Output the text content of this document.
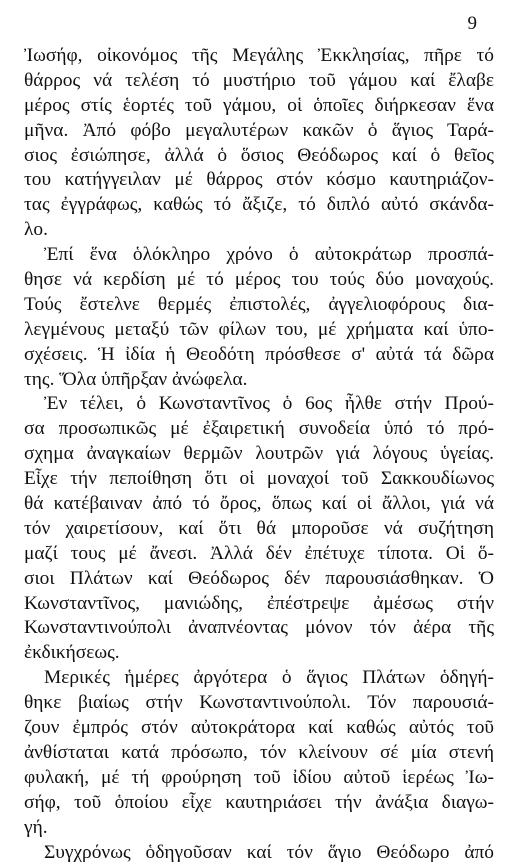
9
Ἰωσήφ, οἰκονόμος τῆς Μεγάλης Ἐκκλησίας, πῆρε τό
θάρρος νά τελέση τό μυστήριο τοῦ γάμου καί ἔλαβε
μέρος στίς ἑορτές τοῦ γάμου, οἱ ὁποῖες διήρκεσαν ἕνα
μῆνα. Ἀπό φόβο μεγαλυτέρων κακῶν ὁ ἅγιος Ταρά-
σιος ἐσιώπησε, ἀλλά ὁ ὅσιος Θεόδωρος καί ὁ θεῖος
του κατήγγειλαν μέ θάρρος στόν κόσμο καυτηριάζον-
τας ἐγγράφως, καθώς τό ἄξιζε, τό διπλό αὐτό σκάνδα-
λο.
Ἐπί ἕνα ὁλόκληρο χρόνο ὁ αὐτοκράτωρ προσπά-
θησε νά κερδίση μέ τό μέρος του τούς δύο μοναχούς.
Τούς ἔστελνε θερμές ἐπιστολές, ἀγγελιοφόρους δια-
λεγμένους μεταξύ τῶν φίλων του, μέ χρήματα καί ὑπο-
σχέσεις. Ἡ ἰδία ἡ Θεοδότη πρόσθεσε σ' αὐτά τά δῶρα
της. Ὅλα ὑπῆρξαν ἀνώφελα.
Ἐν τέλει, ὁ Κωνσταντῖνος ὁ 6ος ἦλθε στήν Πρού-
σα προσωπικῶς μέ ἐξαιρετική συνοδεία ὑπό τό πρό-
σχημα ἀναγκαίων θερμῶν λουτρῶν γιά λόγους ὑγείας.
Εἶχε τήν πεποίθηση ὅτι οἱ μοναχοί τοῦ Σακκουδίωνος
θά κατέβαιναν ἀπό τό ὄρος, ὅπως καί οἱ ἄλλοι, γιά νά
τόν χαιρετίσουν, καί ὅτι θά μποροῦσε νά συζήτηση
μαζί τους μέ ἄνεσι. Ἀλλά δέν ἐπέτυχε τίποτα. Οἱ ὅ-
σιοι Πλάτων καί Θεόδωρος δέν παρουσιάσθηκαν. Ὁ
Κωνσταντῖνος, μανιώδης, ἐπέστρεψε ἀμέσως στήν
Κωνσταντινούπολι ἀναπνέοντας μόνον τόν ἀέρα τῆς
ἐκδικήσεως.
Μερικές ἡμέρες ἀργότερα ὁ ἅγιος Πλάτων ὁδηγή-
θηκε βιαίως στήν Κωνσταντινούπολι. Τόν παρουσιά-
ζουν ἐμπρός στόν αὐτοκράτορα καί καθώς αὐτός τοῦ
ἀνθίσταται κατά πρόσωπο, τόν κλείνουν σέ μία στενή
φυλακή, μέ τή φρούρηση τοῦ ἰδίου αὐτοῦ ἱερέως Ἰω-
σήφ, τοῦ ὁποίου εἶχε καυτηριάσει τήν ἀνάξια διαγω-
γή.
Συγχρόνως ὁδηγοῦσαν καί τόν ἅγιο Θεόδωρο ἀπό
